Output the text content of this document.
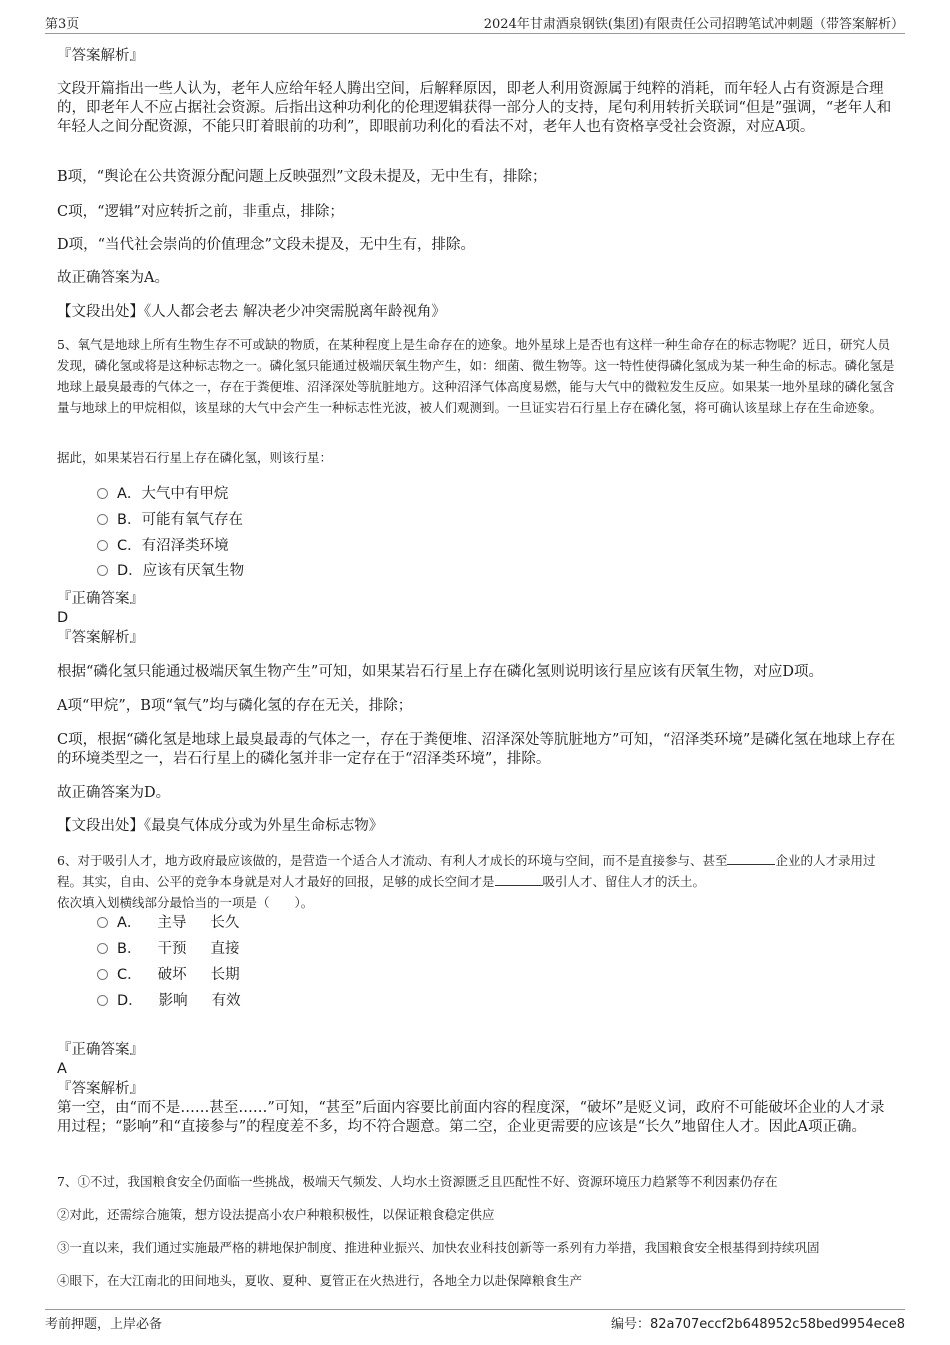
第3页	2024年甘肃酒泉钢铁(集团)有限责任公司招聘笔试冲刺题（带答案解析）
『答案解析』
文段开篇指出一些人认为，老年人应给年轻人腾出空间，后解释原因，即老人利用资源属于纯粹的消耗，而年轻人占有资源是合理的，即老年人不应占据社会资源。后指出这种功利化的伦理逻辑获得一部分人的支持，尾句利用转折关联词“但是”强调，“老年人和年轻人之间分配资源，不能只盯着眼前的功利”，即眼前功利化的看法不对，老年人也有资格享受社会资源，对应A项。
B项，“舆论在公共资源分配问题上反映强烈”文段未提及，无中生有，排除；
C项，“逻辑”对应转折之前，非重点，排除；
D项，“当代社会崇尚的价值理念”文段未提及，无中生有，排除。
故正确答案为A。
【文段出处】《人人都会老去 解决老少冲突需脱离年龄视角》
5、氧气是地球上所有生物生存不可或缺的物质，在某种程度上是生命存在的迹象。地外星球上是否也有这样一种生命存在的标志物呢？近日，研究人员发现，磷化氢或将是这种标志物之一。磷化氢只能通过极端厌氧生物产生，如：细菌、微生物等。这一特性使得磷化氢成为某一种生命的标志。磷化氢是地球上最臭最毒的气体之一，存在于粪便堆、沼泽深处等肮脏地方。这种沼泽气体高度易燃，能与大气中的微粒发生反应。如果某一地外星球的磷化氢含量与地球上的甲烷相似，该星球的大气中会产生一种标志性光波，被人们观测到。一旦证实岩石行星上存在磷化氢，将可确认该星球上存在生命迹象。
据此，如果某岩石行星上存在磷化氢，则该行星：
A．大气中有甲烷
B．可能有氧气存在
C．有沼泽类环境
D．应该有厌氧生物
『正确答案』
D
『答案解析』
根据“磷化氢只能通过极端厌氧生物产生”可知，如果某岩石行星上存在磷化氢则说明该行星应该有厌氧生物，对应D项。
A项“甲烷”，B项“氧气”均与磷化氢的存在无关，排除；
C项，根据“磷化氢是地球上最臭最毒的气体之一，存在于粪便堆、沼泽深处等肮脏地方”可知，“沼泽类环境”是磷化氢在地球上存在的环境类型之一，岩石行星上的磷化氢并非一定存在于“沼泽类环境”，排除。
故正确答案为D。
【文段出处】《最臭气体成分或为外星生命标志物》
6、对于吸引人才，地方政府最应该做的，是营造一个适合人才流动、有利人才成长的环境与空间，而不是直接参与、甚至	企业的人才录用过程。其实，自由、公平的竞争本身就是对人才最好的回报，足够的成长空间才是	吸引人才、留住人才的沃土。
依次填入划横线部分最恰当的一项是（　　）。
A． 主导 长久
B． 干预 直接
C． 破坏 长期
D． 影响 有效
『正确答案』
A
『答案解析』
第一空，由“而不是……甚至……”可知，“甚至”后面内容要比前面内容的程度深，“破坏”是贬义词，政府不可能破坏企业的人才录用过程；“影响”和“直接参与”的程度差不多，均不符合题意。第二空，企业更需要的应该是“长久”地留住人才。因此A项正确。
7、①不过，我国粮食安全仍面临一些挑战，极端天气频发、人均水土资源匮乏且匹配性不好、资源环境压力趋紧等不利因素仍存在
②对此，还需综合施策，想方设法提高小农户种粮积极性，以保证粮食稳定供应
③一直以来，我们通过实施最严格的耕地保护制度、推进种业振兴、加快农业科技创新等一系列有力举措，我国粮食安全根基得到持续巩固
④眼下，在大江南北的田间地头，夏收、夏种、夏管正在火热进行，各地全力以赴保障粮食生产
考前押题，上岸必备	编号：82a707eccf2b648952c58bed9954ece8
